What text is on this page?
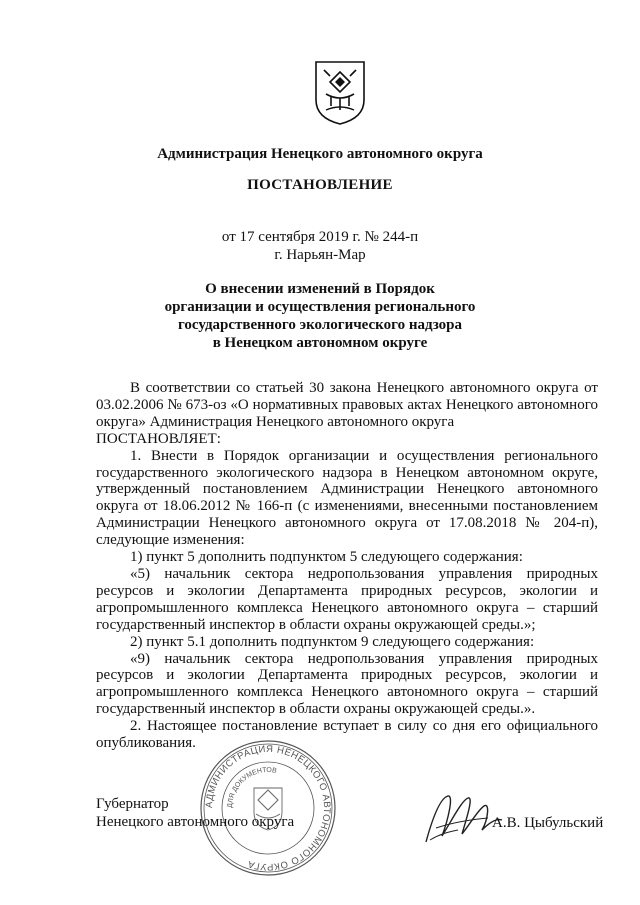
Администрация Ненецкого автономного округа
ПОСТАНОВЛЕНИЕ
от 17 сентября 2019 г. № 244-п
г. Нарьян-Мар
О внесении изменений в Порядок
организации и осуществления регионального
государственного экологического надзора
в Ненецком автономном округе

В соответствии со статьей 30 закона Ненецкого автономного округа от 03.02.2006 № 673-оз «О нормативных правовых актах Ненецкого автономного округа» Администрация Ненецкого автономного округа

ПОСТАНОВЛЯЕТ:

1. Внести в Порядок организации и осуществления регионального государственного экологического надзора в Ненецком автономном округе, утвержденный постановлением Администрации Ненецкого автономного округа от 18.06.2012 № 166-п (с изменениями, внесенными постановлением Администрации Ненецкого автономного округа от 17.08.2018 № 204-п), следующие изменения:

1) пункт 5 дополнить подпунктом 5 следующего содержания:

«5) начальник сектора недропользования управления природных ресурсов и экологии Департамента природных ресурсов, экологии и агропромышленного комплекса Ненецкого автономного округа – старший государственный инспектор в области охраны окружающей среды.»;

2) пункт 5.1 дополнить подпунктом 9 следующего содержания:

«9) начальник сектора недропользования управления природных ресурсов и экологии Департамента природных ресурсов, экологии и агропромышленного комплекса Ненецкого автономного округа – старший государственный инспектор в области охраны окружающей среды.».

2. Настоящее постановление вступает в силу со дня его официального опубликования.

АДМИНИСТРАЦИЯ НЕНЕЦКОГО АВТОНОМНОГО ОКРУГА
ДЛЯ ДОКУМЕНТОВ
Губернатор
Ненецкого автономного округа	А.В. Цыбульский
